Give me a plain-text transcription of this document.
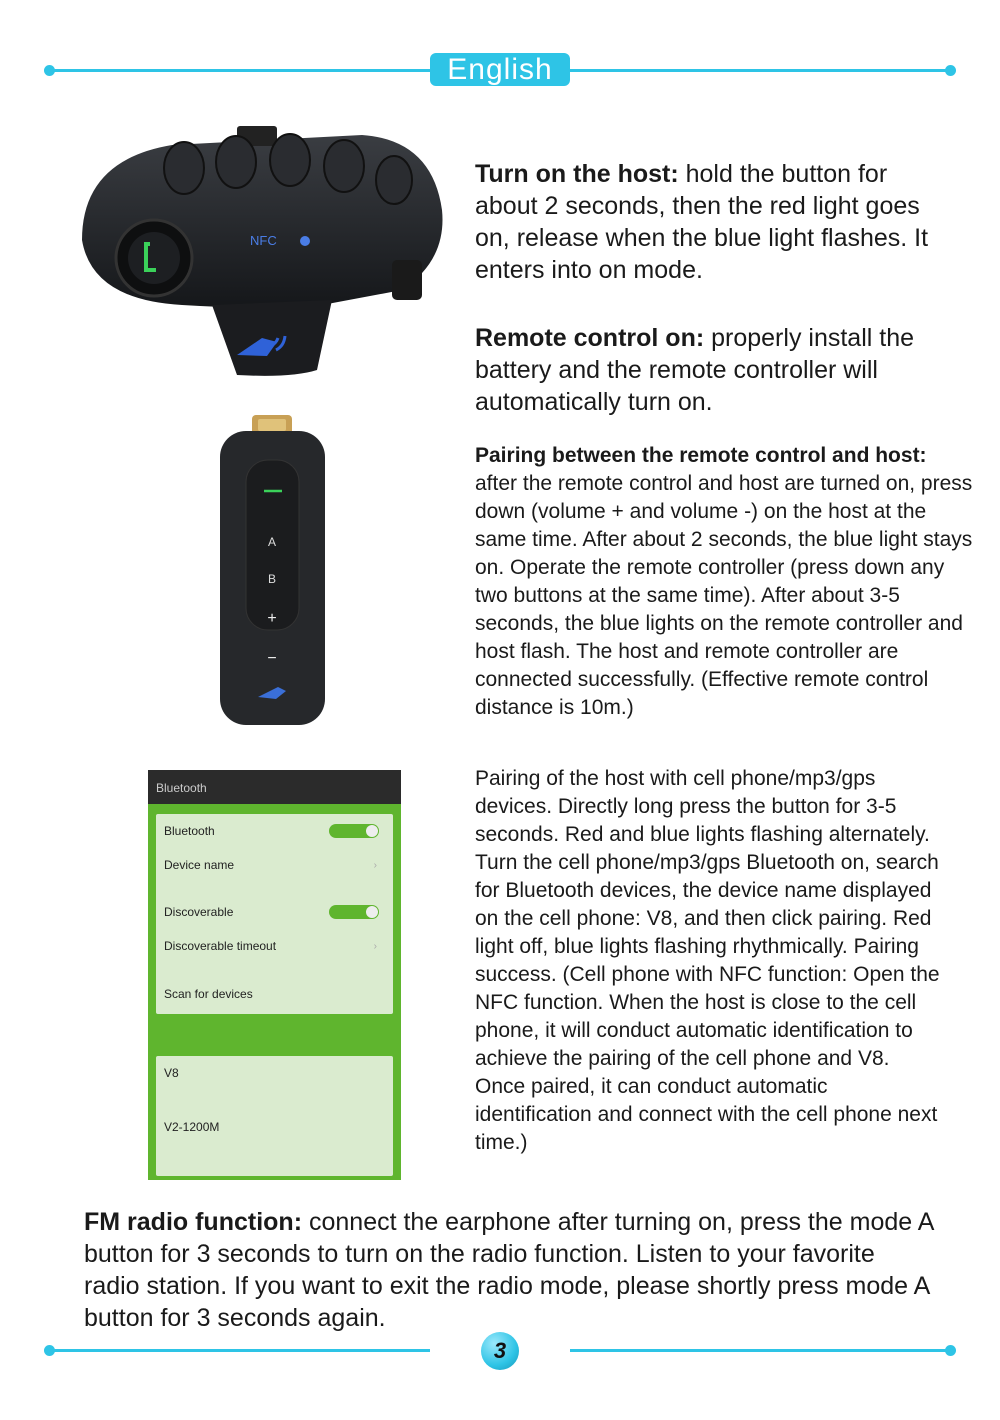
English
NFC
A
B
+
−
Turn on the host: hold the button for about 2 seconds, then the red light goes on, release when the blue light flashes. It enters into on mode.
Remote control on: properly install the battery and the remote controller will automatically turn on.
Pairing between the remote control and host:
after the remote control and host are turned on, press down (volume + and volume -) on the host at the same time. After about 2 seconds, the blue light stays on. Operate the remote controller (press down any two buttons at the same time). After about 3-5 seconds, the blue lights on the remote controller and host flash. The host and remote controller are connected successfully. (Effective remote control distance is 10m.)
Pairing of the host with cell phone/mp3/gps devices. Directly long press the button for 3-5 seconds. Red and blue lights flashing alternately. Turn the cell phone/mp3/gps Bluetooth on, search for Bluetooth devices, the device name displayed on the cell phone: V8, and then click pairing. Red light off, blue lights flashing rhythmically. Pairing success. (Cell phone with NFC function: Open the NFC function. When the host is close to the cell phone, it will conduct automatic identification to achieve the pairing of the cell phone and V8. Once paired, it can conduct automatic identification and connect with the cell phone next time.)
Bluetooth
Bluetooth
Device name	›
Discoverable
Discoverable timeout	›
Scan for devices
V8
V2-1200M
FM radio function: connect the earphone after turning on, press the mode A button for 3 seconds to turn on the radio function. Listen to your favorite radio station. If you want to exit the radio mode, please shortly press mode A button for 3 seconds again.
3
